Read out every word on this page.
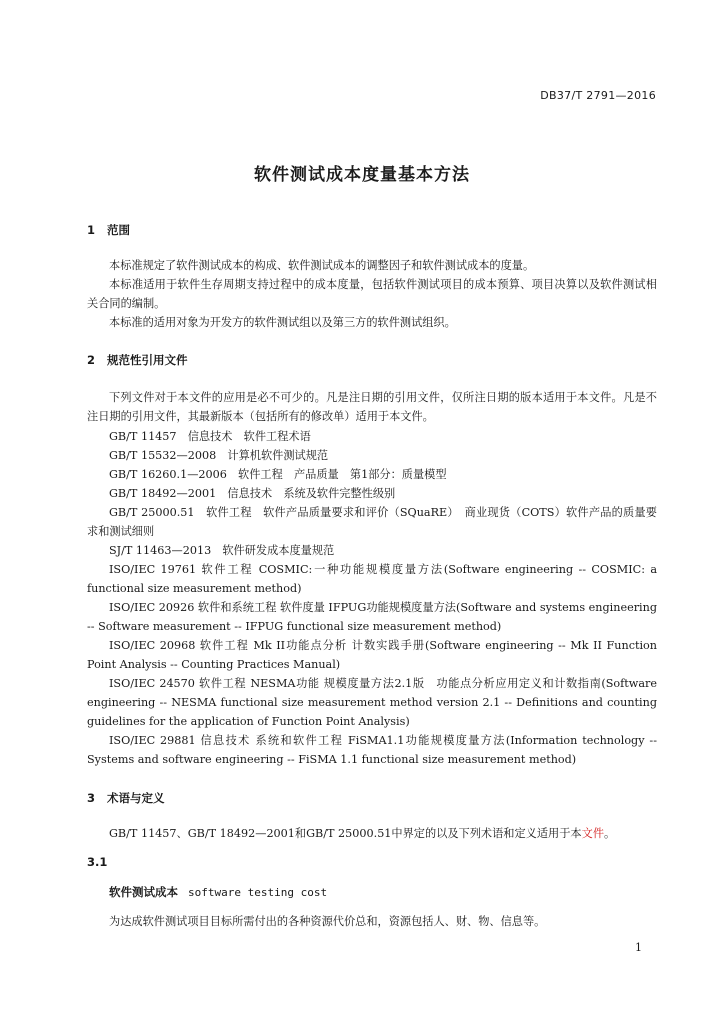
DB37/T 2791—2016
软件测试成本度量基本方法
1 范围
本标准规定了软件测试成本的构成、软件测试成本的调整因子和软件测试成本的度量。
本标准适用于软件生存周期支持过程中的成本度量，包括软件测试项目的成本预算、项目决算以及软件测试相关合同的编制。
本标准的适用对象为开发方的软件测试组以及第三方的软件测试组织。
2 规范性引用文件
下列文件对于本文件的应用是必不可少的。凡是注日期的引用文件，仅所注日期的版本适用于本文件。凡是不注日期的引用文件，其最新版本（包括所有的修改单）适用于本文件。
GB/T 11457　信息技术　软件工程术语
GB/T 15532—2008　计算机软件测试规范
GB/T 16260.1—2006　软件工程　产品质量　第1部分：质量模型
GB/T 18492—2001　信息技术　系统及软件完整性级别
GB/T 25000.51　软件工程　软件产品质量要求和评价（SQuaRE）　商业现货（COTS）软件产品的质量要求和测试细则
SJ/T 11463—2013　软件研发成本度量规范
ISO/IEC 19761 软件工程 COSMIC:一种功能规模度量方法(Software engineering -- COSMIC: a functional size measurement method)
ISO/IEC 20926 软件和系统工程 软件度量 IFPUG功能规模度量方法(Software and systems engineering -- Software measurement -- IFPUG functional size measurement method)
ISO/IEC 20968 软件工程 Mk II功能点分析 计数实践手册(Software engineering -- Mk II Function Point Analysis -- Counting Practices Manual)
ISO/IEC 24570 软件工程 NESMA功能 规模度量方法2.1版　功能点分析应用定义和计数指南(Software engineering -- NESMA functional size measurement method version 2.1 -- Definitions and counting guidelines for the application of Function Point Analysis)
ISO/IEC 29881 信息技术 系统和软件工程 FiSMA1.1功能规模度量方法(Information technology -- Systems and software engineering -- FiSMA 1.1 functional size measurement method)
3 术语与定义
GB/T 11457、GB/T 18492—2001和GB/T 25000.51中界定的以及下列术语和定义适用于本文件。
3.1
软件测试成本 software testing cost
为达成软件测试项目目标所需付出的各种资源代价总和，资源包括人、财、物、信息等。
1
